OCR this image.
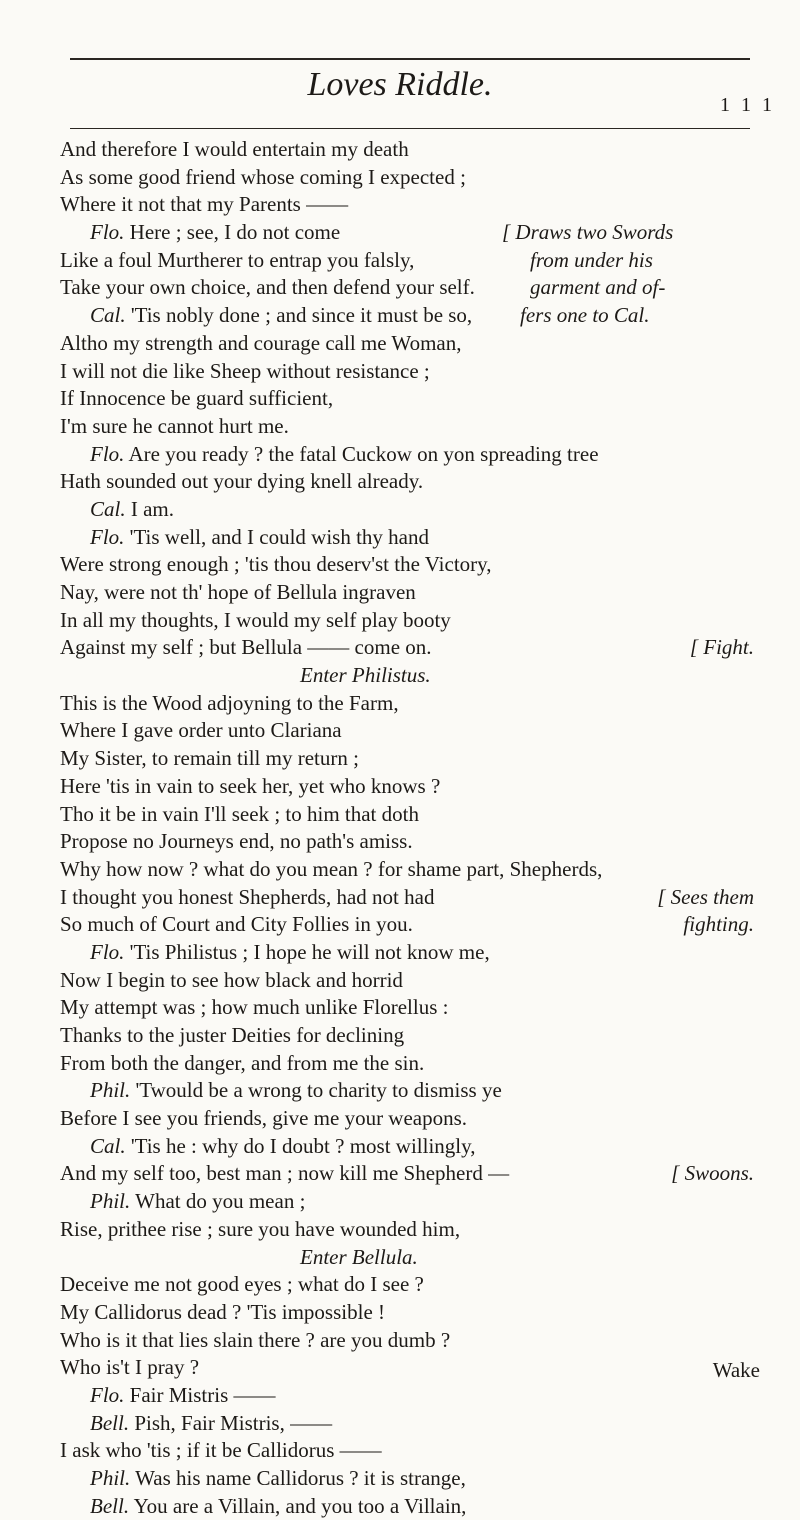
Loves Riddle.
1 1 1
And therefore I would entertain my death
As some good friend whose coming I expected ;
Where it not that my Parents ——
Flo. Here ; see, I do not come	[ Draws two Swords
Like a foul Murtherer to entrap you falsly,	from under his
Take your own choice, and then defend your self.	garment and of-
Cal. 'Tis nobly done ; and since it must be so, fers one to Cal.
Altho my strength and courage call me Woman,
I will not die like Sheep without resistance ;
If Innocence be guard sufficient,
I'm sure he cannot hurt me.
Flo. Are you ready ? the fatal Cuckow on yon spreading tree
Hath sounded out your dying knell already.
Cal. I am.
Flo. 'Tis well, and I could wish thy hand
Were strong enough ; 'tis thou deserv'st the Victory,
Nay, were not th' hope of Bellula ingraven
In all my thoughts, I would my self play booty
Against my self ; but Bellula —— come on.	[ Fight.
Enter Philistus.
This is the Wood adjoyning to the Farm,
Where I gave order unto Clariana
My Sister, to remain till my return ;
Here 'tis in vain to seek her, yet who knows ?
Tho it be in vain I'll seek ; to him that doth
Propose no Journeys end, no path's amiss.
Why how now ? what do you mean ? for shame part, Shepherds,
I thought you honest Shepherds, had not had	[ Sees them
So much of Court and City Follies in you.	fighting.
Flo. 'Tis Philistus ; I hope he will not know me,
Now I begin to see how black and horrid
My attempt was ; how much unlike Florellus :
Thanks to the juster Deities for declining
From both the danger, and from me the sin.
Phil. 'Twould be a wrong to charity to dismiss ye
Before I see you friends, give me your weapons.
Cal. 'Tis he : why do I doubt ? most willingly,
And my self too, best man ; now kill me Shepherd —	[ Swoons.
Phil. What do you mean ;
Rise, prithee rise ; sure you have wounded him,
Enter Bellula.
Deceive me not good eyes ; what do I see ?
My Callidorus dead ? 'Tis impossible !
Who is it that lies slain there ? are you dumb ?
Who is't I pray ?
Flo. Fair Mistris ——
Bell. Pish, Fair Mistris, ——
I ask who 'tis ; if it be Callidorus ——
Phil. Was his name Callidorus ? it is strange,
Bell. You are a Villain, and you too a Villain,
Wake
